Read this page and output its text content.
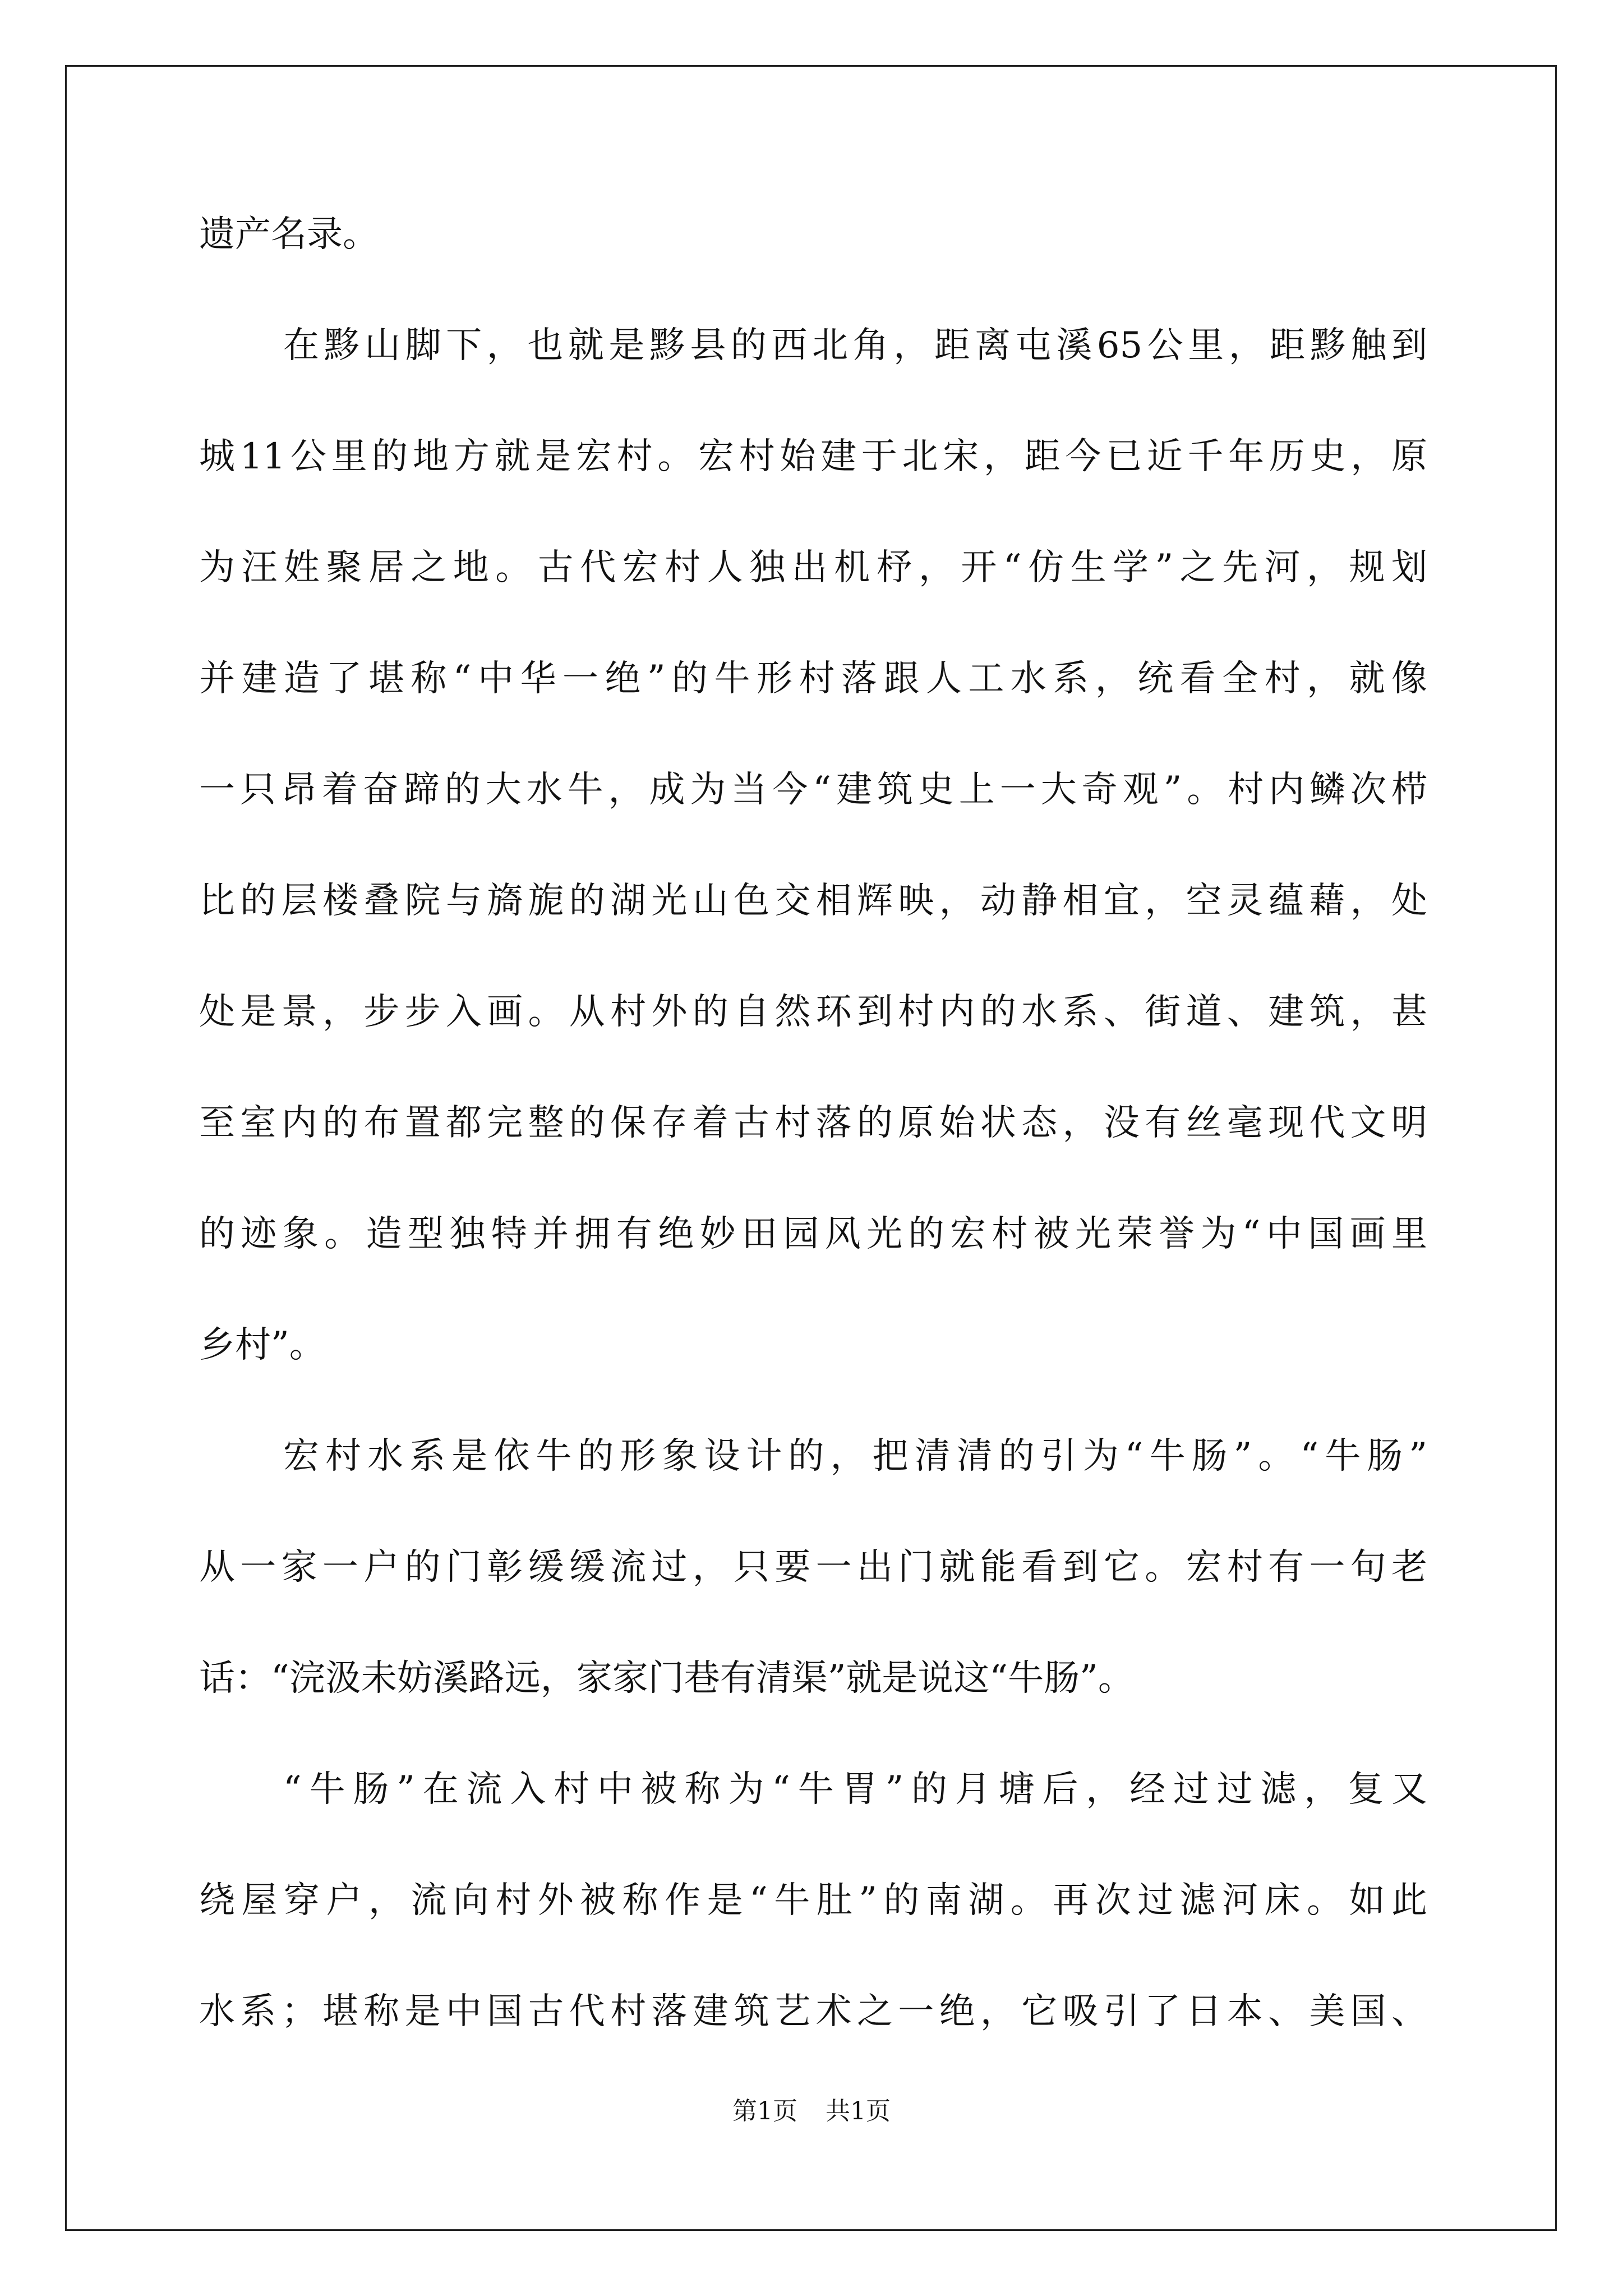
遗产名录。
在黟山脚下，也就是黟县的西北角，距离屯溪65公里，距黟触到
城11公里的地方就是宏村。宏村始建于北宋，距今已近千年历史，原
为汪姓聚居之地。古代宏村人独出机杼，开“仿生学”之先河，规划
并建造了堪称“中华一绝”的牛形村落跟人工水系，统看全村，就像
一只昂着奋蹄的大水牛，成为当今“建筑史上一大奇观”。村内鳞次栉
比的层楼叠院与旖旎的湖光山色交相辉映，动静相宜，空灵蕴藉，处
处是景，步步入画。从村外的自然环到村内的水系、街道、建筑，甚
至室内的布置都完整的保存着古村落的原始状态，没有丝毫现代文明
的迹象。造型独特并拥有绝妙田园风光的宏村被光荣誉为“中国画里
乡村”。
宏村水系是依牛的形象设计的，把清清的引为“牛肠”。“牛肠”
从一家一户的门彰缓缓流过，只要一出门就能看到它。宏村有一句老
话：“浣汲未妨溪路远，家家门巷有清渠”就是说这“牛肠”。
“牛肠”在流入村中被称为“牛胃”的月塘后，经过过滤，复又
绕屋穿户，流向村外被称作是“牛肚”的南湖。再次过滤河床。如此
水系；堪称是中国古代村落建筑艺术之一绝，它吸引了日本、美国、
第1页 共1页
